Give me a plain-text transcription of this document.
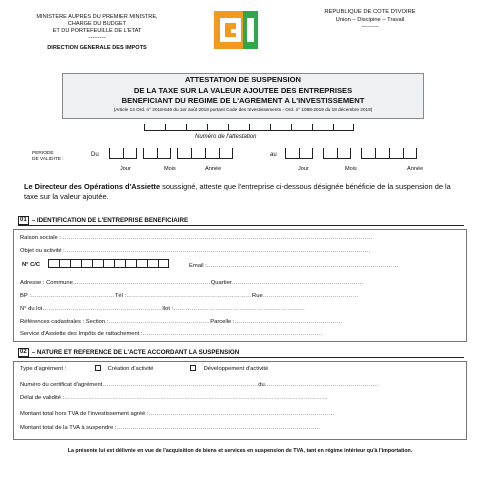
MINISTERE AUPRES DU PREMIER MINISTRE,
CHARGE DU BUDGET
ET DU PORTEFEUILLE DE L'ETAT
---------
DIRECTION GENERALE DES IMPOTS
REPUBLIQUE DE COTE D'IVOIRE
Union – Discipine – Travail
---------
ATTESTATION DE SUSPENSION
DE LA TAXE SUR LA VALEUR AJOUTEE DES ENTREPRISES
BENEFICIANT DU REGIME DE L'AGREMENT A L'INVESTISSEMENT
(Article 14 Ord. n° 2018-646 du 1er août 2018 portant Code des Investissements - Ord. n° 1088-2019 du 18 décembre 2019)
Numéro de l'attestation
PERIODE
DE VALIDITE :
Du	au
Jour	Mois	Année	Jour	Mois	Année
Le Directeur des Opérations d'Assiette soussigné, atteste que l'entreprise ci-dessous désignée bénéficie de la suspension de la taxe sur la valeur ajoutée.
01 – IDENTIFICATION DE L'ENTREPRISE BENEFICIAIRE
Raison sociale :…………………………………………………………………………………………………………………………………………
Objet ou activité :………………………………………………………………………………………………………………………………………
N° C/C	Email :……………………………………………………………………………………
Adresse : Commune……………………………………………………………Quartier…………………………………………………………
BP :……………………………………Tél :………………………………………………………Rue…………………………………………
N° du lot……………………………………………………Ilot :…………………………………………………………
Références cadastrales : Section :……………………………………………Parcelle :………………………………………………
Service d'Assiette des Impôts de rattachement :………………………………………………………………………………
02 – NATURE ET REFERENCE DE L'ACTE ACCORDANT LA SUSPENSION
Type d'agrément :	Création d'activité	Développement d'activité
Numéro du certificat d'agrément……………………………………………………………………du…………………………………………………
Délai de validité :……………………………………………………………………………………………………………………
Montant total hors TVA de l'investissement agréé :…………………………………………………………………………………
Montant total de la TVA à suspendre :…………………………………………………………………………………………
La présente lui est délivrée en vue de l'acquisition de biens et services en suspension de TVA, tant en régime intérieur qu'à l'importation.
